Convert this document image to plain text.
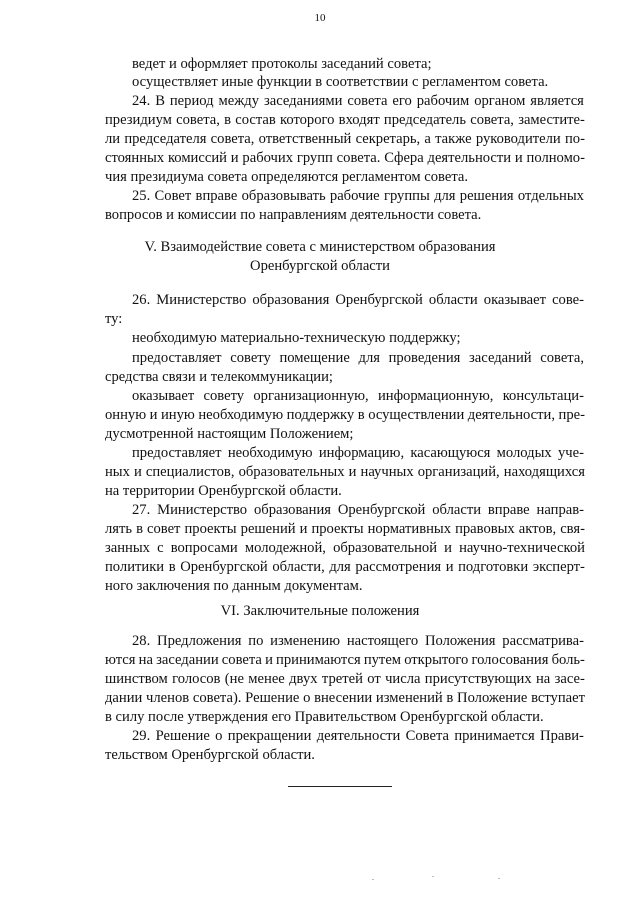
10
ведет и оформляет протоколы заседаний совета;
осуществляет иные функции в соответствии с регламентом совета.
24. В период между заседаниями совета его рабочим органом является
президиум совета, в состав которого входят председатель совета, заместите-
ли председателя совета, ответственный секретарь, а также руководители по-
стоянных комиссий и рабочих групп совета. Сфера деятельности и полномо-
чия президиума совета определяются регламентом совета.
25. Совет вправе образовывать рабочие группы для решения отдельных
вопросов и комиссии по направлениям деятельности совета.
V. Взаимодействие совета с министерством образования
Оренбургской области
26. Министерство образования Оренбургской области оказывает сове-
ту:
необходимую материально-техническую поддержку;
предоставляет совету помещение для проведения заседаний совета,
средства связи и телекоммуникации;
оказывает совету организационную, информационную, консультаци-
онную и иную необходимую поддержку в осуществлении деятельности, пре-
дусмотренной настоящим Положением;
предоставляет необходимую информацию, касающуюся молодых уче-
ных и специалистов, образовательных и научных организаций, находящихся
на территории Оренбургской области.
27. Министерство образования Оренбургской области вправе направ-
лять в совет проекты решений и проекты нормативных правовых актов, свя-
занных с вопросами молодежной, образовательной и научно-технической
политики в Оренбургской области, для рассмотрения и подготовки эксперт-
ного заключения по данным документам.
VI. Заключительные положения
28. Предложения по изменению настоящего Положения рассматрива-
ются на заседании совета и принимаются путем открытого голосования боль-
шинством голосов (не менее двух третей от числа присутствующих на засе-
дании членов совета). Решение о внесении изменений в Положение вступает
в силу после утверждения его Правительством Оренбургской области.
29. Решение о прекращении деятельности Совета принимается Прави-
тельством Оренбургской области.
